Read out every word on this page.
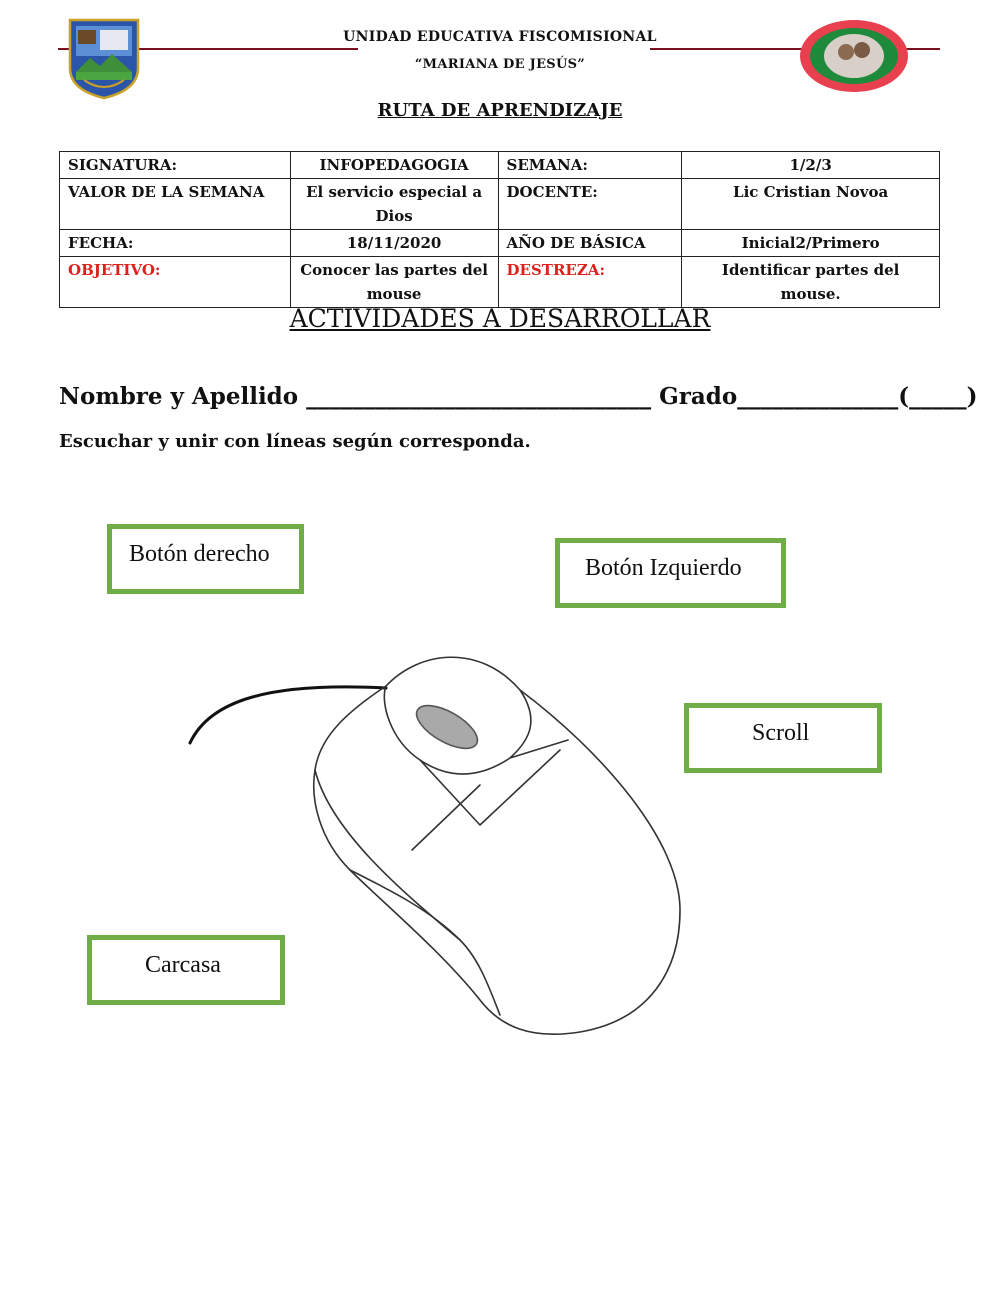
UNIDAD EDUCATIVA FISCOMISIONAL
“MARIANA DE JESÚS”
RUTA DE APRENDIZAJE
SIGNATURA:	INFOPEDAGOGIA	SEMANA:	1/2/3
VALOR DE LA SEMANA	El servicio especial a Dios	DOCENTE:	Lic Cristian Novoa
FECHA:	18/11/2020	AÑO DE BÁSICA	Inicial2/Primero
OBJETIVO:	Conocer las partes del mouse	DESTREZA:	Identificar partes del mouse.
ACTIVIDADES A DESARROLLAR
Nombre y Apellido ______________________________ Grado______________(_____)
Escuchar y unir con líneas según corresponda.
Botón derecho
Botón Izquierdo
Scroll
Carcasa
